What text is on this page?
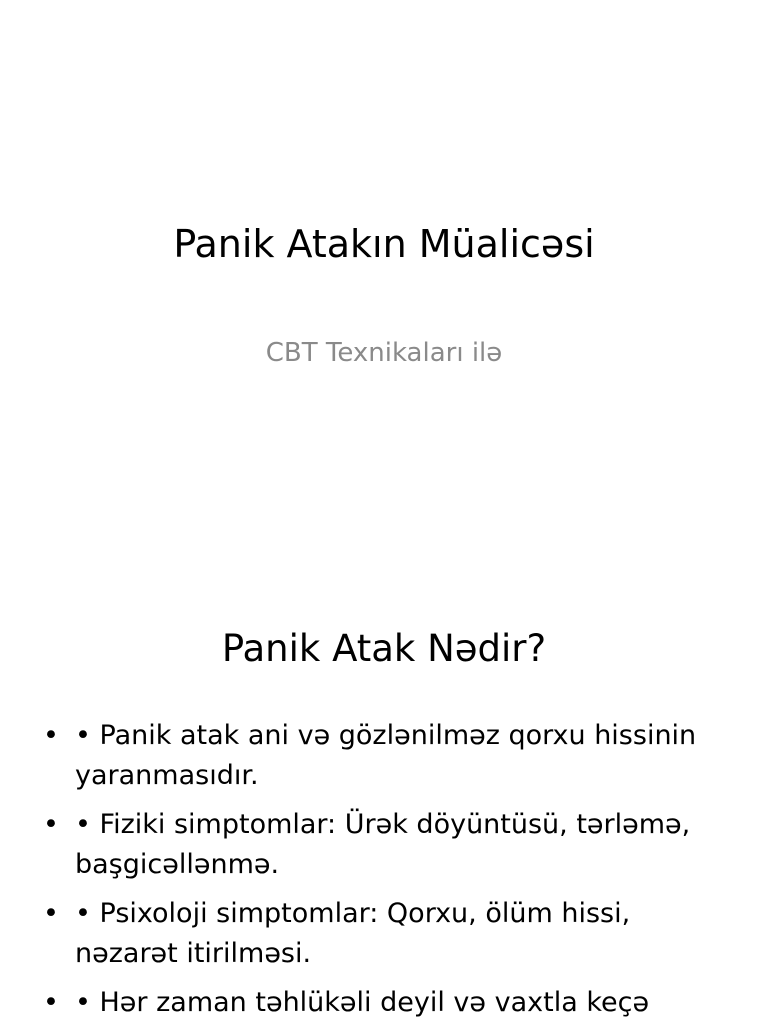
Panik Atakın Müalicəsi
CBT Texnikaları ilə
Panik Atak Nədir?
• • Panik atak ani və gözlənilməz qorxu hissinin yaranmasıdır.
• • Fiziki simptomlar: Ürək döyüntüsü, tərləmə, başgicəllənmə.
• • Psixoloji simptomlar: Qorxu, ölüm hissi, nəzarət itirilməsi.
• • Hər zaman təhlükəli deyil və vaxtla keçə
